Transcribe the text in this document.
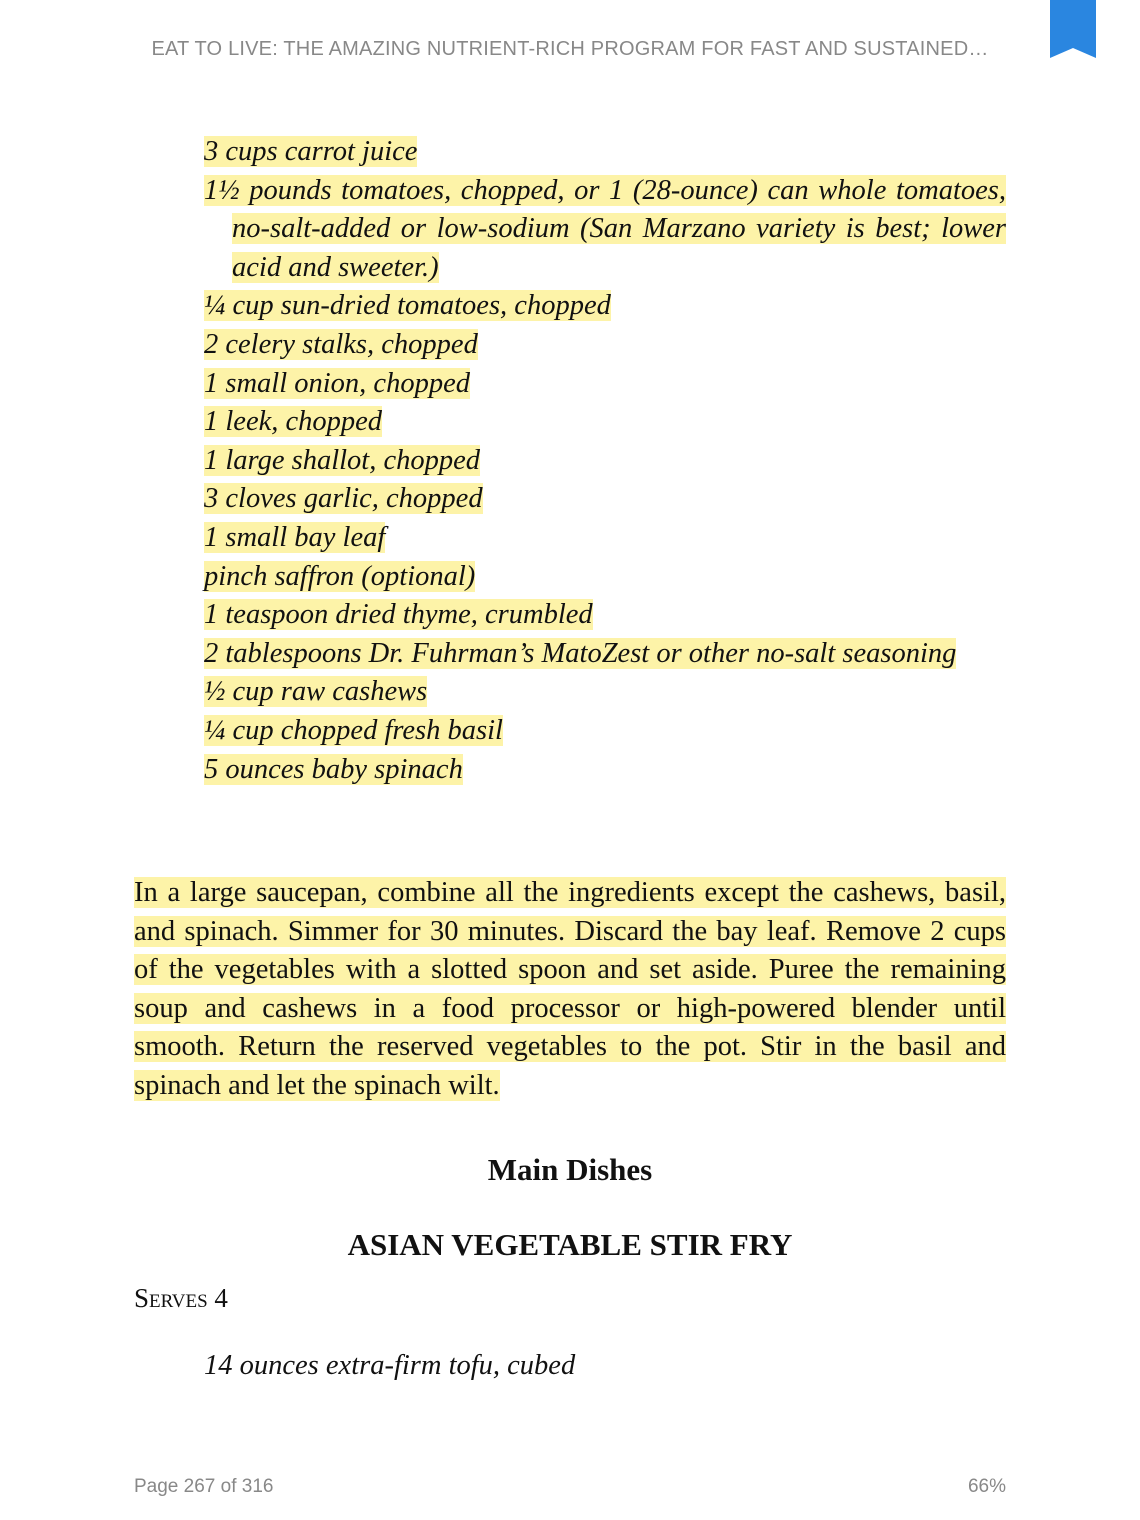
EAT TO LIVE: THE AMAZING NUTRIENT-RICH PROGRAM FOR FAST AND SUSTAINED…

3 cups carrot juice

1½ pounds tomatoes, chopped, or 1 (28-ounce) can whole tomatoes, no-salt-added or low-sodium (San Marzano variety is best; lower acid and sweeter.)

¼ cup sun-dried tomatoes, chopped

2 celery stalks, chopped

1 small onion, chopped

1 leek, chopped

1 large shallot, chopped

3 cloves garlic, chopped

1 small bay leaf

pinch saffron (optional)

1 teaspoon dried thyme, crumbled

2 tablespoons Dr. Fuhrman’s MatoZest or other no-salt seasoning

½ cup raw cashews

¼ cup chopped fresh basil

5 ounces baby spinach

In a large saucepan, combine all the ingredients except the cashews, basil, and spinach. Simmer for 30 minutes. Discard the bay leaf. Remove 2 cups of the vegetables with a slotted spoon and set aside. Puree the remaining soup and cashews in a food processor or high-powered blender until smooth. Return the reserved vegetables to the pot. Stir in the basil and spinach and let the spinach wilt.

Main Dishes
ASIAN VEGETABLE STIR FRY

Serves 4

14 ounces extra-firm tofu, cubed

Page 267 of 316	66%
